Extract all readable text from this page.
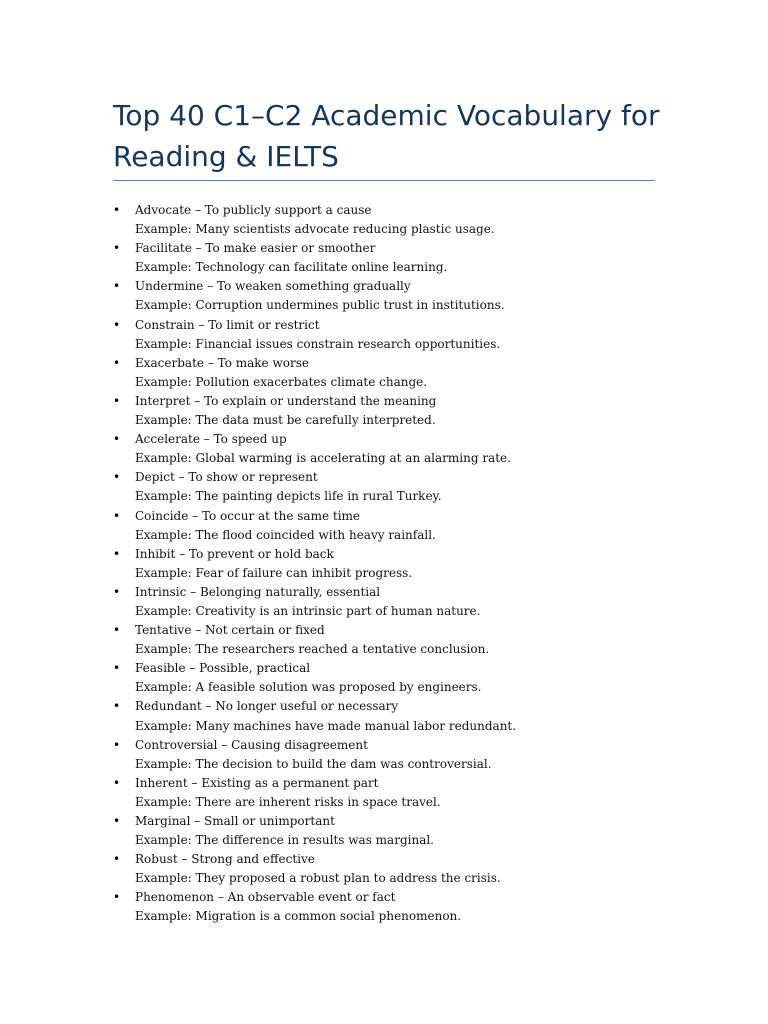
Top 40 C1–C2 Academic Vocabulary for Reading & IELTS
• Advocate – To publicly support a cause
Example: Many scientists advocate reducing plastic usage.
• Facilitate – To make easier or smoother
Example: Technology can facilitate online learning.
• Undermine – To weaken something gradually
Example: Corruption undermines public trust in institutions.
• Constrain – To limit or restrict
Example: Financial issues constrain research opportunities.
• Exacerbate – To make worse
Example: Pollution exacerbates climate change.
• Interpret – To explain or understand the meaning
Example: The data must be carefully interpreted.
• Accelerate – To speed up
Example: Global warming is accelerating at an alarming rate.
• Depict – To show or represent
Example: The painting depicts life in rural Turkey.
• Coincide – To occur at the same time
Example: The flood coincided with heavy rainfall.
• Inhibit – To prevent or hold back
Example: Fear of failure can inhibit progress.
• Intrinsic – Belonging naturally, essential
Example: Creativity is an intrinsic part of human nature.
• Tentative – Not certain or fixed
Example: The researchers reached a tentative conclusion.
• Feasible – Possible, practical
Example: A feasible solution was proposed by engineers.
• Redundant – No longer useful or necessary
Example: Many machines have made manual labor redundant.
• Controversial – Causing disagreement
Example: The decision to build the dam was controversial.
• Inherent – Existing as a permanent part
Example: There are inherent risks in space travel.
• Marginal – Small or unimportant
Example: The difference in results was marginal.
• Robust – Strong and effective
Example: They proposed a robust plan to address the crisis.
• Phenomenon – An observable event or fact
Example: Migration is a common social phenomenon.
